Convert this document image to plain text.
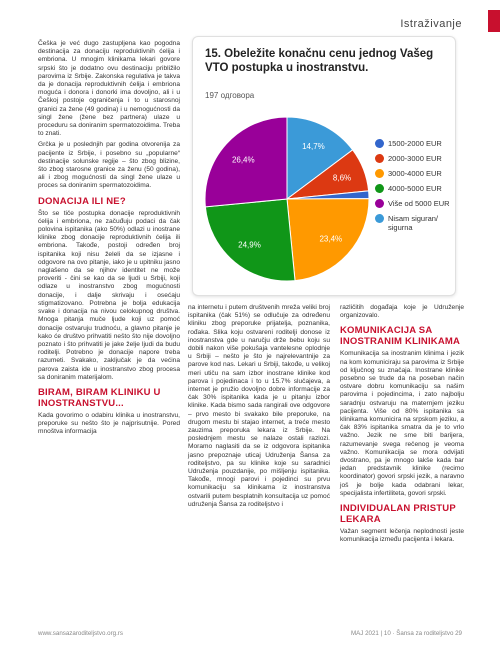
Istraživanje

Češka je već dugo zastupljena kao pogodna destinacija za donaciju reproduktivnih ćelija i embriona. U mnogim klinikama lekari govore srpski što je dodatno ovu destinaciju približilo parovima iz Srbije. Zakonska regulativa je takva da je donacija reproduktivnih ćelija i embriona moguća i donora i donorki ima dovoljno, ali i u Češkoj postoje ograničenja i to u starosnoj granici za žene (49 godina) i u nemogućnosti da singl žene (žene bez partnera) ulaze u proceduru sa doniranim spermatozoidima. Treba to znati.

Grčka je u poslednjih par godina otvorenija za pacijente iz Srbije, i posebno su „popularne“ destinacije solunske regije – što zbog blizine, što zbog starosne granice za ženu (50 godina), ali i zbog mogućnosti da singl žene ulaze u proces sa doniranim spermatozoidima.

DONACIJA ILI NE?

Što se tiče postupka donacije reproduktivnih ćelija i embriona, ne začuđuju podaci da čak polovina ispitanika (ako 50%) odlazi u inostrane klinike zbog donacije reproduktivnih ćelija ili embriona. Takođe, postoji određen broj ispitanika koji nisu želeli da se izjasne i odgovore na ovo pitanje, iako je u upitniku jasno naglašeno da se njihov identitet ne može proveriti - čini se kao da se ljudi u Srbiji, koji odlaze u inostranstvo zbog mogućnosti donacije, i dalje skrivaju i osećaju stigmatizovano. Potrebna je bolja edukacija svake i donacija na nivou celokupnog društva. Mnoga pitanja muče ljude koji uz pomoć donacije ostvaruju trudnoću, a glavno pitanje je kako će društvo prihvatiti nešto što nije dovoljno poznato i što prihvatiti je jake želje ljudi da budu roditelji. Potrebno je donacije napore treba razumeti. Svakako, zaključak je da većina parova zaista ide u inostranstvo zbog procesa sa doniranim materijalom.

BIRAM, BIRAM KLINIKU U INOSTRANSTVU...

Kada govorimo o odabiru klinika u inostranstvu, preporuke su nešto što je najprisutnije. Pored mnoštva informacija

na internetu i putem društvenih mreža veliki broj ispitanika (čak 51%) se odlučuje za određenu kliniku zbog preporuke prijatelja, poznanika, rođaka. Slika koju ostvareni roditelji donose iz inostranstva gde u naručju drže bebu koju su dobili nakon više pokušaja vantelesne oplodnje u Srbiji – nešto je što je najrelevantnije za parove kod nas. Lekari u Srbiji, takođe, u velikoj meri utiču na sam izbor inostrane klinike kod parova i pojedinaca i to u 15.7% slučajeva, a internet je pružio dovoljno dobre informacije za čak 30% ispitanika kada je u pitanju izbor klinike. Kada bismo sada rangirali ove odgovore – prvo mesto bi svakako bile preporuke, na drugom mestu bi stajao internet, a treće mesto zauzima preporuka lekara iz Srbije. Na poslednjem mestu se nalaze ostali razlozi. Moramo naglasiti da se iz odgovora ispitanika jasno prepoznaje uticaj Udruženja Šansa za roditeljstvo, pa su klinike koje su saradnici Udruženja pouzdanije, po mišljenju ispitanika. Takođe, mnogi parovi i pojedinci su prvu komunikaciju sa klinikama iz inostranstva ostvarili putem besplatnih konsultacija uz pomoć udruženja Šansa za roditeljstvo i

različitih događaja koje je Udruženje organizovalo.

KOMUNIKACIJA SA INOSTRANIM KLINIKAMA

Komunikacija sa inostranim klinima i jezik na kom komuniciraju sa parovima iz Srbije od ključnog su značaja. Inostrane klinike posebno se trude da na poseban način ostvare dobru komunikaciju sa našim parovima i pojedincima, i zato najbolju saradnju ostvaruju na maternjem jeziku pacijenta. Više od 80% ispitanika sa klinikama komunicira na srpskom jeziku, a čak 83% ispitanika smatra da je to vrlo važno. Jezik ne sme biti barijera, razumevanje svega rečenog je veoma važno. Komunikacija se mora odvijati dvostrano, pa je mnogo lakše kada bar jedan predstavnik klinike (recimo koordinator) govori srpski jezik, a naravno još je bolje kada odabrani lekar, specijalista infertiliteta, govori srpski.

INDIVIDUALAN PRISTUP LEKARA

Važan segment lečenja neplodnosti jeste komunikacija između pacijenta i lekara.

15. Obeležite konačnu cenu jednog Vašeg VTO postupka u inostranstvu.
197 одговора
14,7%
8,6%
23,4%
24,9%
26,4%
1500-2000 EUR
2000-3000 EUR
3000-4000 EUR
4000-5000 EUR
Više od 5000 EUR
Nisam siguran/ sigurna
www.sansazaroditeljstvo.org.rs	MAJ 2021 | 10 · Šansa za roditeljstvo 29
